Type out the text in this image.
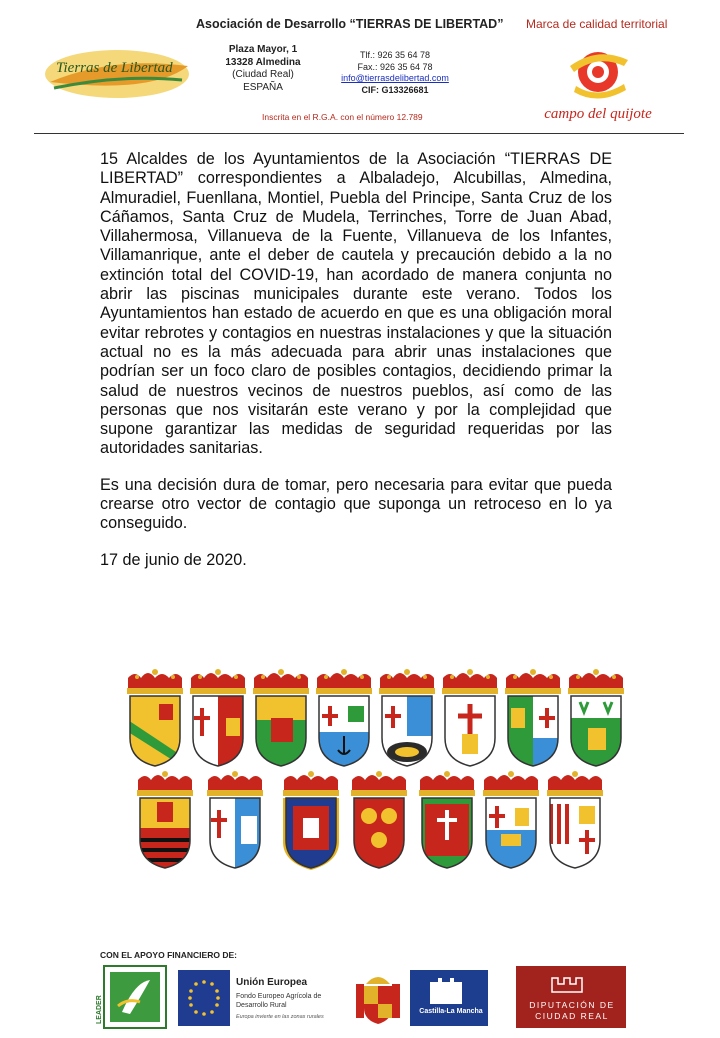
Asociación de Desarrollo “TIERRAS DE LIBERTAD” Marca de calidad territorial
Tierras de Libertad
Plaza Mayor, 1
13328 Almedina
(Ciudad Real)
ESPAÑA
Tlf.: 926 35 64 78
Fax.: 926 35 64 78
info@tierrasdelibertad.com
CIF: G13326681
Inscrita en el R.G.A. con el número 12.789	campo del quijote

15 Alcaldes de los Ayuntamientos de la Asociación “TIERRAS DE LIBERTAD” correspondientes a Albaladejo, Alcubillas, Almedina, Almuradiel, Fuenllana, Montiel, Puebla del Principe, Santa Cruz de los Cáñamos, Santa Cruz de Mudela, Terrinches, Torre de Juan Abad, Villahermosa, Villanueva de la Fuente, Villanueva de los Infantes, Villamanrique, ante el deber de cautela y precaución debido a la no extinción total del COVID-19, han acordado de manera conjunta no abrir las piscinas municipales durante este verano. Todos los Ayuntamientos han estado de acuerdo en que es una obligación moral evitar rebrotes y contagios en nuestras instalaciones y que la situación actual no es la más adecuada para abrir unas instalaciones que podrían ser un foco claro de posibles contagios, decidiendo primar la salud de nuestros vecinos de nuestros pueblos, así como de las personas que nos visitarán este verano y por la complejidad que supone garantizar las medidas de seguridad requeridas por las autoridades sanitarias.

Es una decisión dura de tomar, pero necesaria para evitar que pueda crearse otro vector de contagio que suponga un retroceso en lo ya conseguido.

17 de junio de 2020.

CON EL APOYO FINANCIERO DE:
LEADER
Unión Europea
Fondo Europeo Agrícola de Desarrollo Rural
Europa invierte en las zonas rurales
Castilla-La Mancha
DIPUTACIÓN DE CIUDAD REAL
